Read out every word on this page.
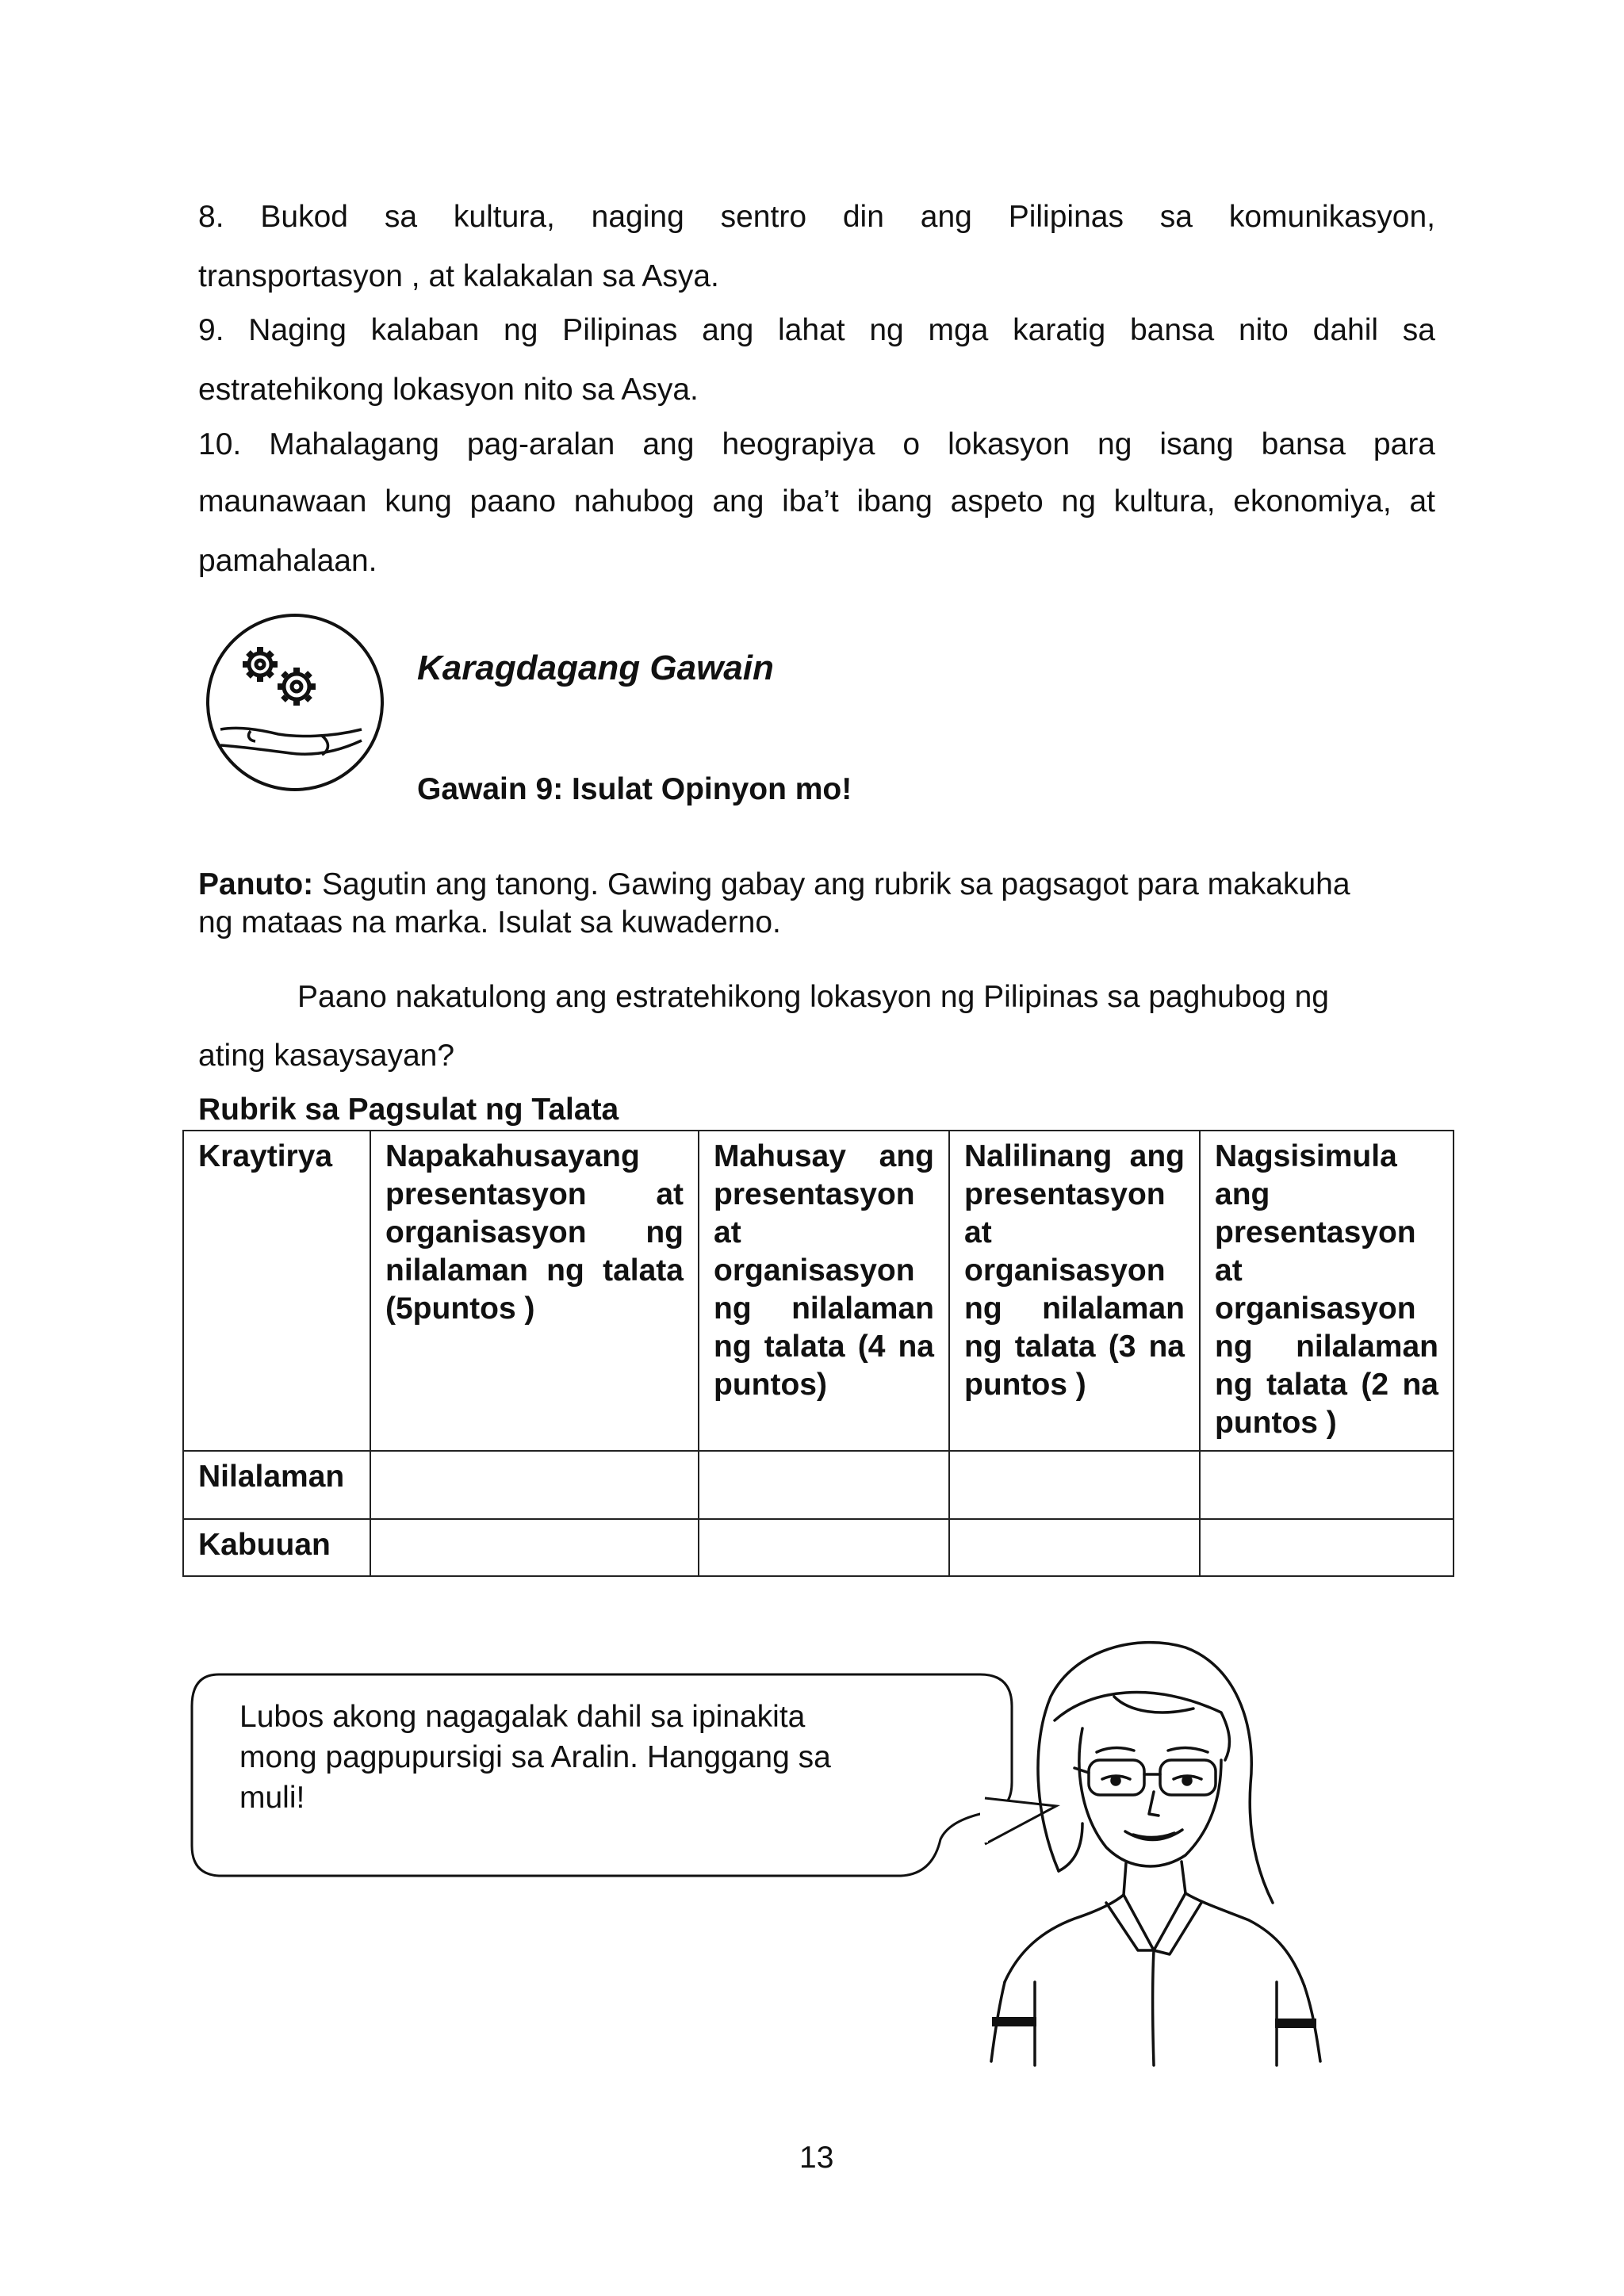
8. Bukod sa kultura, naging sentro din ang Pilipinas sa komunikasyon,
transportasyon , at kalakalan sa Asya.
9. Naging kalaban ng Pilipinas ang lahat ng mga karatig bansa nito dahil sa
estratehikong lokasyon nito sa Asya.
10. Mahalagang pag-aralan ang heograpiya o lokasyon ng isang bansa para
maunawaan kung paano nahubog ang iba’t ibang aspeto ng kultura, ekonomiya, at
pamahalaan.
Karagdagang Gawain
Gawain 9: Isulat Opinyon mo!
Panuto: Sagutin ang tanong. Gawing gabay ang rubrik sa pagsagot para makakuha
ng mataas na marka. Isulat sa kuwaderno.
Paano nakatulong ang estratehikong lokasyon ng Pilipinas sa paghubog ng
ating kasaysayan?
Rubrik sa Pagsulat ng Talata
Kraytirya	Napakahusayang presentasyon at organisasyon ng nilalaman ng talata (5puntos )	Mahusay ang presentasyon at organisasyon ng nilalaman ng talata (4 na puntos)	Nalilinang ang presentasyon at organisasyon ng nilalaman ng talata (3 na puntos )	Nagsisimula ang presentasyon at organisasyon ng nilalaman ng talata (2 na puntos )
Nilalaman				
Kabuuan				
Lubos akong nagagalak dahil sa ipinakita
mong pagpupursigi sa Aralin. Hanggang sa
muli!
13
